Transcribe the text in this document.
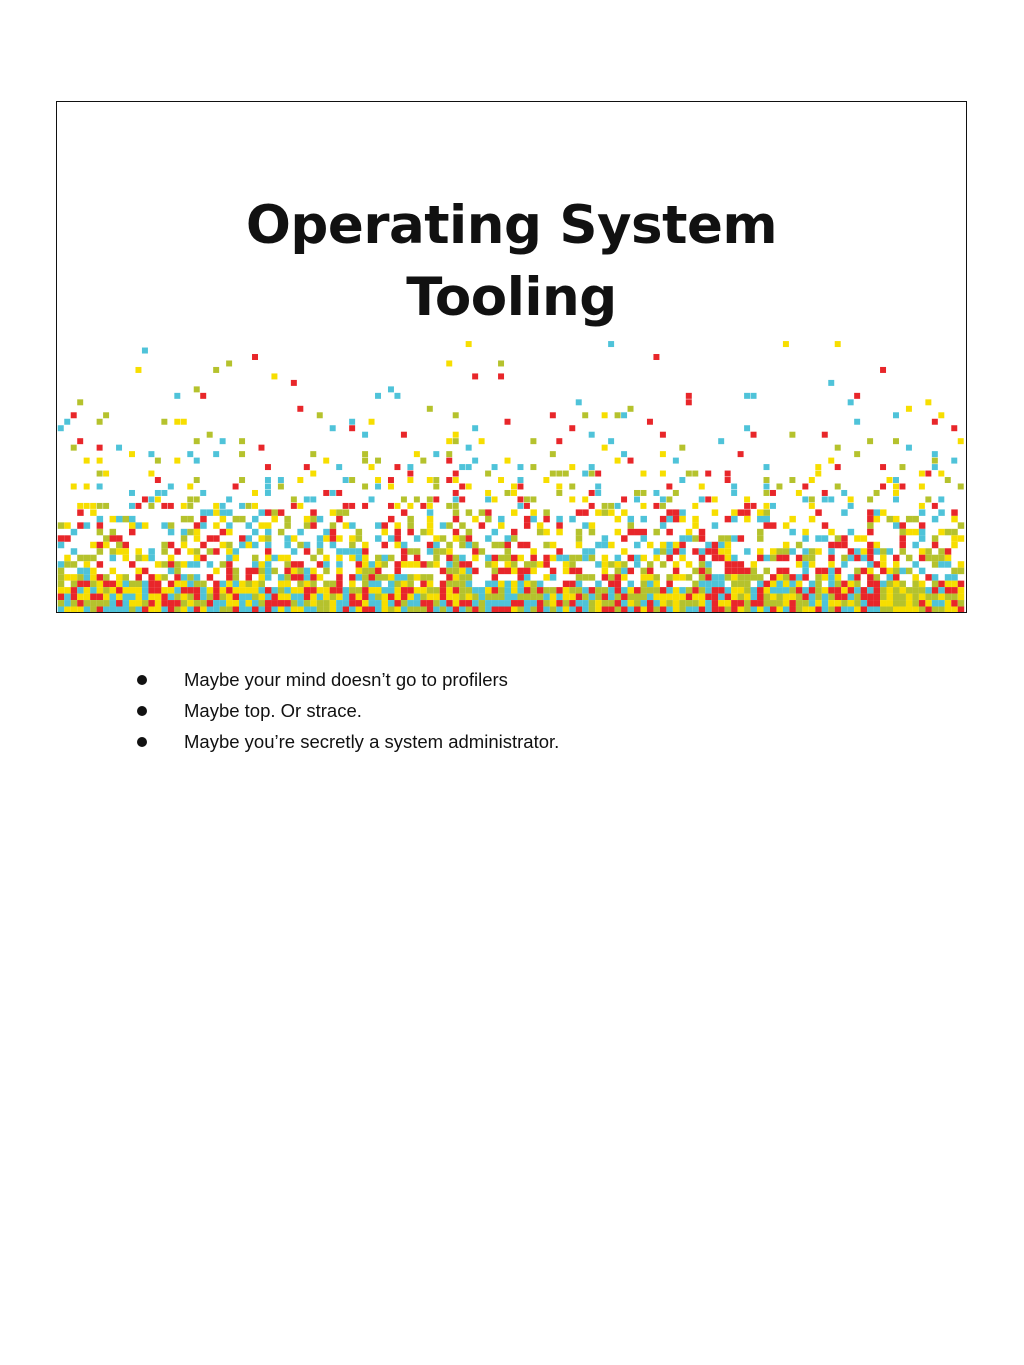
Operating System
Tooling
Maybe your mind doesn’t go to profilers
Maybe top. Or strace.
Maybe you’re secretly a system administrator.
